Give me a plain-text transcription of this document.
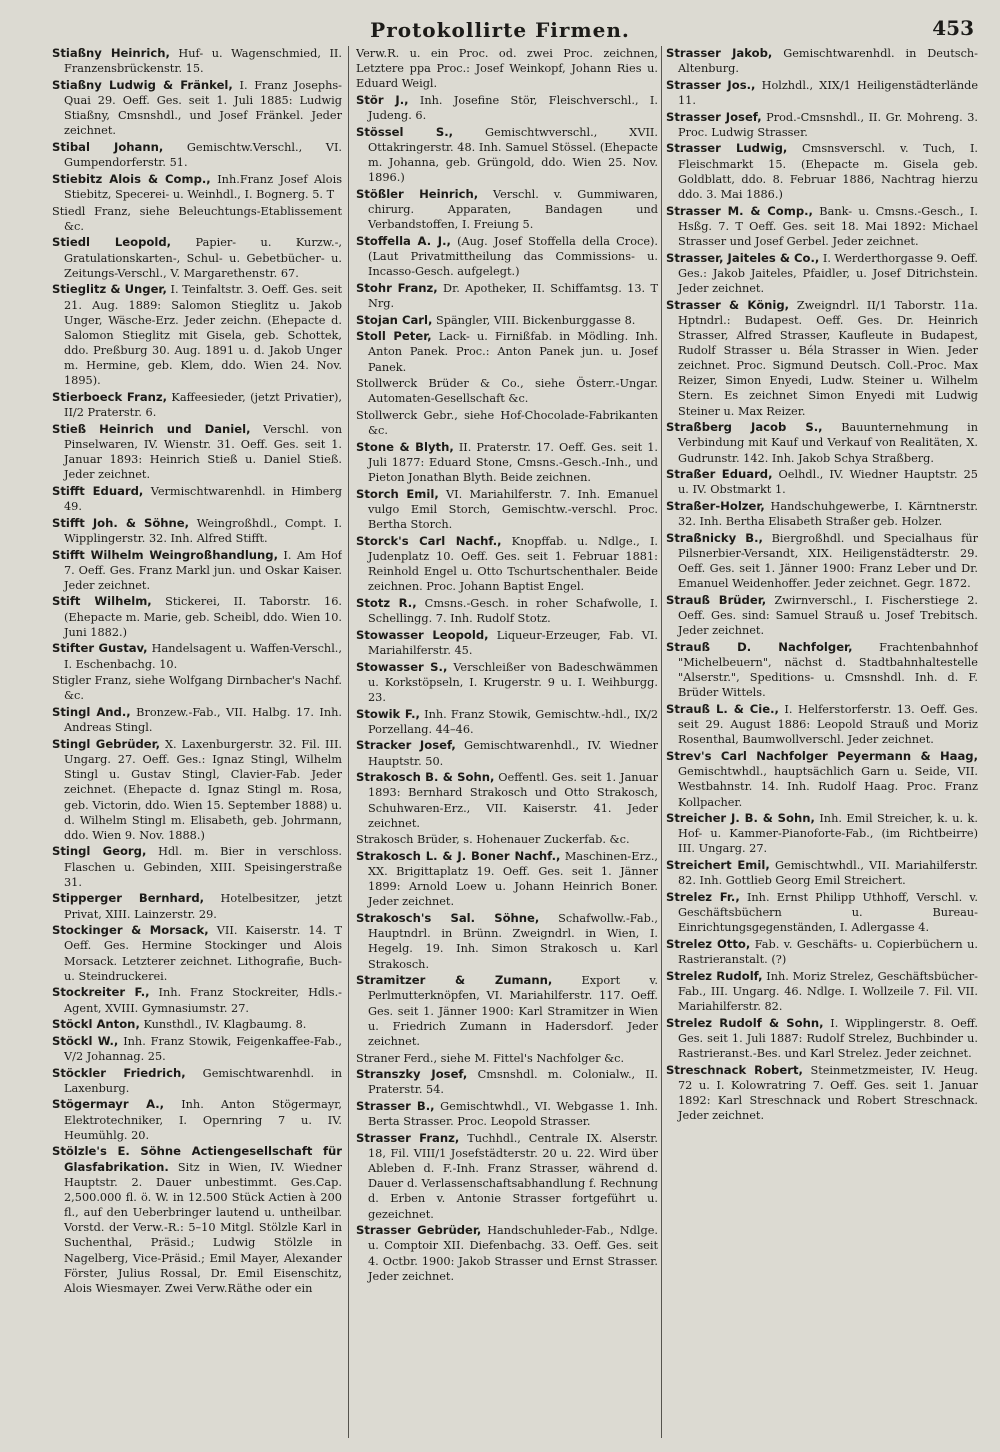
Protokollirte Firmen.	453
Stiaßny Heinrich, Huf- u. Wagenschmied, II. Franzensbrückenstr. 15.
Stiaßny Ludwig & Fränkel, I. Franz Josephs-Quai 29. Oeff. Ges. seit 1. Juli 1885: Ludwig Stiaßny, Cmsnshdl., und Josef Fränkel. Jeder zeichnet.
Stibal Johann, Gemischtw.Verschl., VI. Gumpendorferstr. 51.
Stiebitz Alois & Comp., Inh.Franz Josef Alois Stiebitz, Specerei- u. Weinhdl., I. Bognerg. 5. T
Stiedl Franz, siehe Beleuchtungs-Etablissement &c.
Stiedl Leopold, Papier- u. Kurzw.-, Gratulationskarten-, Schul- u. Gebetbücher- u. Zeitungs-Verschl., V. Margarethenstr. 67.
Stieglitz & Unger, I. Teinfaltstr. 3. Oeff. Ges. seit 21. Aug. 1889: Salomon Stieglitz u. Jakob Unger, Wäsche-Erz. Jeder zeichn. (Ehepacte d. Salomon Stieglitz mit Gisela, geb. Schottek, ddo. Preßburg 30. Aug. 1891 u. d. Jakob Unger m. Hermine, geb. Klem, ddo. Wien 24. Nov. 1895).
Stierboeck Franz, Kaffeesieder, (jetzt Privatier), II/2 Praterstr. 6.
Stieß Heinrich und Daniel, Verschl. von Pinselwaren, IV. Wienstr. 31. Oeff. Ges. seit 1. Januar 1893: Heinrich Stieß u. Daniel Stieß. Jeder zeichnet.
Stifft Eduard, Vermischtwarenhdl. in Himberg 49.
Stifft Joh. & Söhne, Weingroßhdl., Compt. I. Wipplingerstr. 32. Inh. Alfred Stifft.
Stifft Wilhelm Weingroßhandlung, I. Am Hof 7. Oeff. Ges. Franz Markl jun. und Oskar Kaiser. Jeder zeichnet.
Stift Wilhelm, Stickerei, II. Taborstr. 16. (Ehepacte m. Marie, geb. Scheibl, ddo. Wien 10. Juni 1882.)
Stifter Gustav, Handelsagent u. Waffen-Verschl., I. Eschenbachg. 10.
Stigler Franz, siehe Wolfgang Dirnbacher's Nachf. &c.
Stingl And., Bronzew.-Fab., VII. Halbg. 17. Inh. Andreas Stingl.
Stingl Gebrüder, X. Laxenburgerstr. 32. Fil. III. Ungarg. 27. Oeff. Ges.: Ignaz Stingl, Wilhelm Stingl u. Gustav Stingl, Clavier-Fab. Jeder zeichnet. (Ehepacte d. Ignaz Stingl m. Rosa, geb. Victorin, ddo. Wien 15. September 1888) u. d. Wilhelm Stingl m. Elisabeth, geb. Johrmann, ddo. Wien 9. Nov. 1888.)
Stingl Georg, Hdl. m. Bier in verschloss. Flaschen u. Gebinden, XIII. Speisingerstraße 31.
Stipperger Bernhard, Hotelbesitzer, jetzt Privat, XIII. Lainzerstr. 29.
Stockinger & Morsack, VII. Kaiserstr. 14. T Oeff. Ges. Hermine Stockinger und Alois Morsack. Letzterer zeichnet. Lithografie, Buch- u. Steindruckerei.
Stockreiter F., Inh. Franz Stockreiter, Hdls.-Agent, XVIII. Gymnasiumstr. 27.
Stöckl Anton, Kunsthdl., IV. Klagbaumg. 8.
Stöckl W., Inh. Franz Stowik, Feigenkaffee-Fab., V/2 Johannag. 25.
Stöckler Friedrich, Gemischtwarenhdl. in Laxenburg.
Stögermayr A., Inh. Anton Stögermayr, Elektrotechniker, I. Opernring 7 u. IV. Heumühlg. 20.
Stölzle's E. Söhne Actiengesellschaft für Glasfabrikation. Sitz in Wien, IV. Wiedner Hauptstr. 2. Dauer unbestimmt. Ges.Cap. 2,500.000 fl. ö. W. in 12.500 Stück Actien à 200 fl., auf den Ueberbringer lautend u. untheilbar. Vorstd. der Verw.-R.: 5–10 Mitgl. Stölzle Karl in Suchenthal, Präsid.; Ludwig Stölzle in Nagelberg, Vice-Präsid.; Emil Mayer, Alexander Förster, Julius Rossal, Dr. Emil Eisenschitz, Alois Wiesmayer. Zwei Verw.Räthe oder ein
Verw.R. u. ein Proc. od. zwei Proc. zeichnen, Letztere ppa Proc.: Josef Weinkopf, Johann Ries u. Eduard Weigl.
Stör J., Inh. Josefine Stör, Fleischverschl., I. Judeng. 6.
Stössel S.,	Gemischtwverschl., XVII. Ottakringerstr. 48. Inh. Samuel Stössel. (Ehepacte m. Johanna, geb. Grüngold, ddo. Wien 25. Nov. 1896.)
Stößler Heinrich, Verschl. v. Gummiwaren, chirurg. Apparaten, Bandagen und Verbandstoffen, I. Freiung 5.
Stoffella A. J., (Aug. Josef Stoffella della Croce). (Laut Privatmittheilung das Commissions- u. Incasso-Gesch. aufgelegt.)
Stohr Franz, Dr. Apotheker, II. Schiffamtsg. 13. T Nrg.
Stojan Carl, Spängler, VIII. Bickenburggasse 8.
Stoll Peter, Lack- u. Firnißfab. in Mödling. Inh. Anton Panek. Proc.: Anton Panek jun. u. Josef Panek.
Stollwerck Brüder & Co., siehe Österr.-Ungar. Automaten-Gesellschaft &c.
Stollwerck Gebr., siehe Hof-Chocolade-Fabrikanten &c.
Stone & Blyth, II. Praterstr. 17. Oeff. Ges. seit 1. Juli 1877: Eduard Stone, Cmsns.-Gesch.-Inh., und Pieton Jonathan Blyth. Beide zeichnen.
Storch Emil, VI. Mariahilferstr. 7. Inh. Emanuel vulgo Emil Storch, Gemischtw.-verschl. Proc. Bertha Storch.
Storck's Carl Nachf., Knopffab. u. Ndlge., I. Judenplatz 10. Oeff. Ges. seit 1. Februar 1881: Reinhold Engel u. Otto Tschurtschenthaler. Beide zeichnen. Proc. Johann Baptist Engel.
Stotz R., Cmsns.-Gesch. in roher Schafwolle, I. Schellingg. 7. Inh. Rudolf Stotz.
Stowasser Leopold, Liqueur-Erzeuger, Fab. VI. Mariahilferstr. 45.
Stowasser S., Verschleißer von Badeschwämmen u. Korkstöpseln, I. Krugerstr. 9 u. I. Weihburgg. 23.
Stowik F., Inh. Franz Stowik, Gemischtw.-hdl., IX/2 Porzellang. 44–46.
Stracker Josef, Gemischtwarenhdl., IV. Wiedner Hauptstr. 50.
Strakosch B. & Sohn, Oeffentl. Ges. seit 1. Januar 1893: Bernhard Strakosch und Otto Strakosch, Schuhwaren-Erz., VII. Kaiserstr. 41. Jeder zeichnet.
Strakosch Brüder, s. Hohenauer Zuckerfab. &c.
Strakosch L. & J. Boner Nachf., Maschinen-Erz., XX. Brigittaplatz 19. Oeff. Ges. seit 1. Jänner 1899: Arnold Loew u. Johann Heinrich Boner. Jeder zeichnet.
Strakosch's Sal. Söhne, Schafwollw.-Fab., Hauptndrl. in Brünn. Zweigndrl. in Wien, I. Hegelg. 19. Inh. Simon Strakosch u. Karl Strakosch.
Stramitzer & Zumann,	Export v. Perlmutterknöpfen, VI. Mariahilferstr. 117. Oeff. Ges. seit 1. Jänner 1900: Karl Stramitzer in Wien u. Friedrich Zumann in Hadersdorf. Jeder zeichnet.
Straner Ferd., siehe M. Fittel's Nachfolger &c.
Stranszky Josef, Cmsnshdl. m. Colonialw., II. Praterstr. 54.
Strasser B., Gemischtwhdl., VI. Webgasse 1. Inh. Berta Strasser. Proc. Leopold Strasser.
Strasser Franz, Tuchhdl., Centrale IX. Alserstr. 18, Fil. VIII/1 Josefstädterstr. 20 u. 22. Wird über Ableben d. F.-Inh. Franz Strasser, während d. Dauer d. Verlassenschaftsabhandlung f. Rechnung d. Erben v. Antonie Strasser fortgeführt u. gezeichnet.
Strasser Gebrüder, Handschuhleder-Fab., Ndlge. u. Comptoir XII. Diefenbachg. 33. Oeff. Ges. seit 4. Octbr. 1900: Jakob Strasser und Ernst Strasser. Jeder zeichnet.
Strasser Jakob, Gemischtwarenhdl. in Deutsch-Altenburg.
Strasser Jos., Holzhdl., XIX/1 Heiligenstädterlände 11.
Strasser Josef, Prod.-Cmsnshdl., II. Gr. Mohreng. 3. Proc. Ludwig Strasser.
Strasser Ludwig, Cmsnsverschl. v. Tuch, I. Fleischmarkt 15. (Ehepacte m. Gisela geb. Goldblatt, ddo. 8. Februar 1886, Nachtrag hierzu ddo. 3. Mai 1886.)
Strasser M. & Comp., Bank- u. Cmsns.-Gesch., I. Hsßg. 7. T Oeff. Ges. seit 18. Mai 1892: Michael Strasser und Josef Gerbel. Jeder zeichnet.
Strasser, Jaiteles & Co., I. Werderthorgasse 9. Oeff. Ges.: Jakob Jaiteles, Pfaidler, u. Josef Ditrichstein. Jeder zeichnet.
Strasser & König, Zweigndrl. II/1 Taborstr. 11a. Hptndrl.: Budapest. Oeff. Ges. Dr. Heinrich Strasser, Alfred Strasser, Kaufleute in Budapest, Rudolf Strasser u. Béla Strasser in Wien. Jeder zeichnet. Proc. Sigmund Deutsch. Coll.-Proc. Max Reizer, Simon Enyedi, Ludw. Steiner u. Wilhelm Stern. Es zeichnet Simon Enyedi mit Ludwig Steiner u. Max Reizer.
Straßberg Jacob S., Bauunternehmung in Verbindung mit Kauf und Verkauf von Realitäten, X. Gudrunstr. 142. Inh. Jakob Schya Straßberg.
Straßer Eduard, Oelhdl., IV. Wiedner Hauptstr. 25 u. IV. Obstmarkt 1.
Straßer-Holzer, Handschuhgewerbe, I. Kärntnerstr. 32. Inh. Bertha Elisabeth Straßer geb. Holzer.
Straßnicky B., Biergroßhdl. und Specialhaus für Pilsnerbier-Versandt, XIX. Heiligenstädterstr. 29. Oeff. Ges. seit 1. Jänner 1900: Franz Leber und Dr. Emanuel Weidenhoffer. Jeder zeichnet. Gegr. 1872.
Strauß Brüder, Zwirnverschl., I. Fischerstiege 2. Oeff. Ges. sind: Samuel Strauß u. Josef Trebitsch. Jeder zeichnet.
Strauß D. Nachfolger, Frachtenbahnhof "Michelbeuern", nächst d. Stadtbahnhaltestelle "Alserstr.", Speditions- u. Cmsnshdl. Inh. d. F. Brüder Wittels.
Strauß L. & Cie., I. Helferstorferstr. 13. Oeff. Ges. seit 29. August 1886: Leopold Strauß und Moriz Rosenthal, Baumwollverschl. Jeder zeichnet.
Strev's Carl Nachfolger Peyermann & Haag, Gemischtwhdl., hauptsächlich Garn u. Seide, VII. Westbahnstr. 14. Inh. Rudolf Haag. Proc. Franz Kollpacher.
Streicher J. B. & Sohn, Inh. Emil Streicher, k. u. k. Hof- u. Kammer-Pianoforte-Fab., (im Richtbeirre) III. Ungarg. 27.
Streichert Emil, Gemischtwhdl., VII. Mariahilferstr. 82. Inh. Gottlieb Georg Emil Streichert.
Strelez Fr., Inh. Ernst Philipp Uthhoff, Verschl. v. Geschäftsbüchern u. Bureau-Einrichtungsgegenständen, I. Adlergasse 4.
Strelez Otto, Fab. v. Geschäfts- u. Copierbüchern u. Rastrieranstalt. (?)
Strelez Rudolf, Inh. Moriz Strelez, Geschäftsbücher-Fab., III. Ungarg. 46. Ndlge. I. Wollzeile 7. Fil. VII. Mariahilferstr. 82.
Strelez Rudolf & Sohn, I. Wipplingerstr. 8. Oeff. Ges. seit 1. Juli 1887: Rudolf Strelez, Buchbinder u. Rastrieranst.-Bes. und Karl Strelez. Jeder zeichnet.
Streschnack Robert, Steinmetzmeister, IV. Heug. 72 u. I. Kolowratring 7. Oeff. Ges. seit 1. Januar 1892: Karl Streschnack und Robert Streschnack. Jeder zeichnet.
